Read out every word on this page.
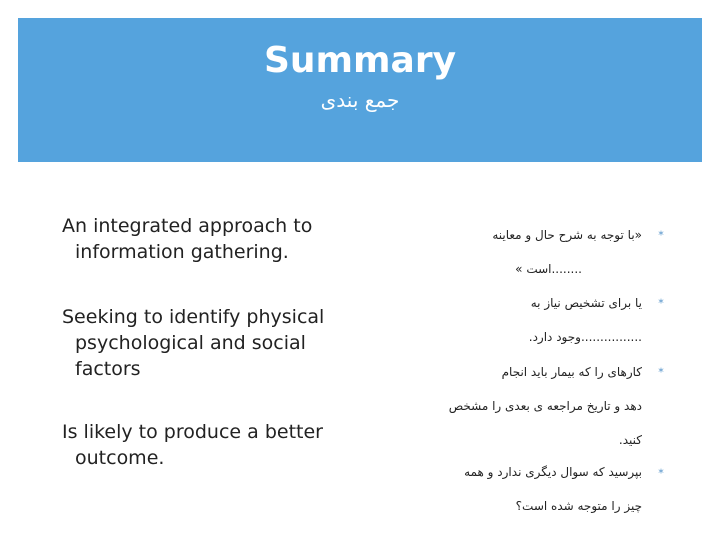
Summary
جمع بندی
An integrated approach to
information gathering.
Seeking to identify physical
psychological and social
factors
Is likely to produce a better
outcome.
⁎
⁎
⁎
⁎
«با توجه به شرح حال و معاینه
........است »
یا برای تشخیص نیاز به
................وجود دارد.
کارهای را که بیمار باید انجام
دهد و تاریخ مراجعه ی بعدی را مشخص
کنید.
بپرسید که سوال دیگری ندارد و همه
چیز را متوجه شده است؟
